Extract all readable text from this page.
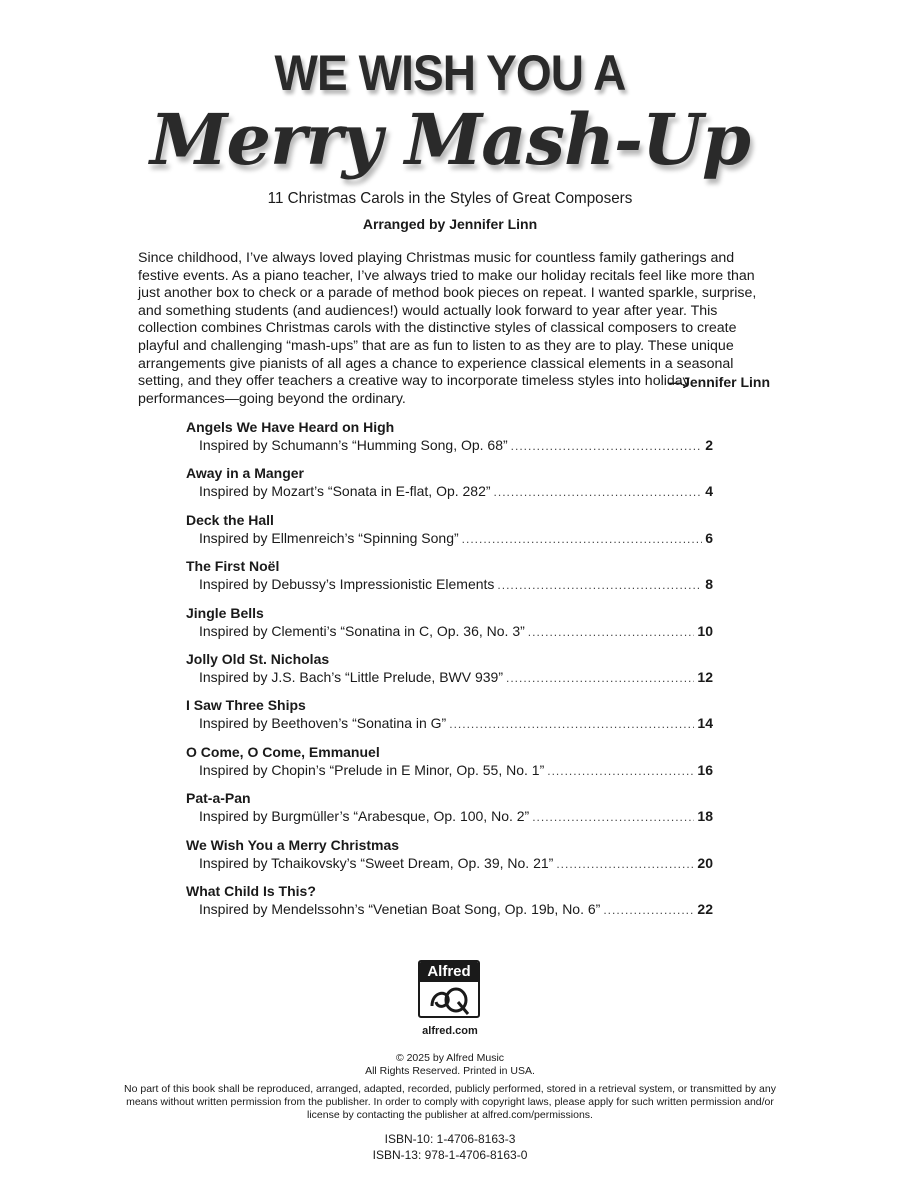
WE WISH YOU A
Merry Mash-Up
11 Christmas Carols in the Styles of Great Composers
Arranged by Jennifer Linn

Since childhood, I’ve always loved playing Christmas music for countless family gatherings and festive events. As a piano teacher, I’ve always tried to make our holiday recitals feel like more than just another box to check or a parade of method book pieces on repeat. I wanted sparkle, surprise, and something students (and audiences!) would actually look forward to year after year. This collection combines Christmas carols with the distinctive styles of classical composers to create playful and challenging “mash-ups” that are as fun to listen to as they are to play. These unique arrangements give pianists of all ages a chance to experience classical elements in a seasonal setting, and they offer teachers a creative way to incorporate timeless styles into holiday performances—going beyond the ordinary.

—Jennifer Linn
Angels We Have Heard on High
Inspired by Schumann’s “Humming Song, Op. 68” .....	2
Away in a Manger
Inspired by Mozart’s “Sonata in E-flat, Op. 282” .....	4
Deck the Hall
Inspired by Ellmenreich’s “Spinning Song” .....	6
The First Noël
Inspired by Debussy’s Impressionistic Elements .....	8
Jingle Bells
Inspired by Clementi’s “Sonatina in C, Op. 36, No. 3” .....	10
Jolly Old St. Nicholas
Inspired by J.S. Bach’s “Little Prelude, BWV 939” .....	12
I Saw Three Ships
Inspired by Beethoven’s “Sonatina in G” .....	14
O Come, O Come, Emmanuel
Inspired by Chopin’s “Prelude in E Minor, Op. 55, No. 1” .....	16
Pat-a-Pan
Inspired by Burgmüller’s “Arabesque, Op. 100, No. 2” .....	18
We Wish You a Merry Christmas
Inspired by Tchaikovsky’s “Sweet Dream, Op. 39, No. 21” .....	20
What Child Is This?
Inspired by Mendelssohn’s “Venetian Boat Song, Op. 19b, No. 6” .....	22
Alfred
alfred.com
© 2025 by Alfred Music
All Rights Reserved. Printed in USA.
No part of this book shall be reproduced, arranged, adapted, recorded, publicly performed, stored in a retrieval system, or transmitted by any means without written permission from the publisher. In order to comply with copyright laws, please apply for such written permission and/or license by contacting the publisher at alfred.com/permissions.
ISBN-10: 1-4706-8163-3
ISBN-13: 978-1-4706-8163-0
